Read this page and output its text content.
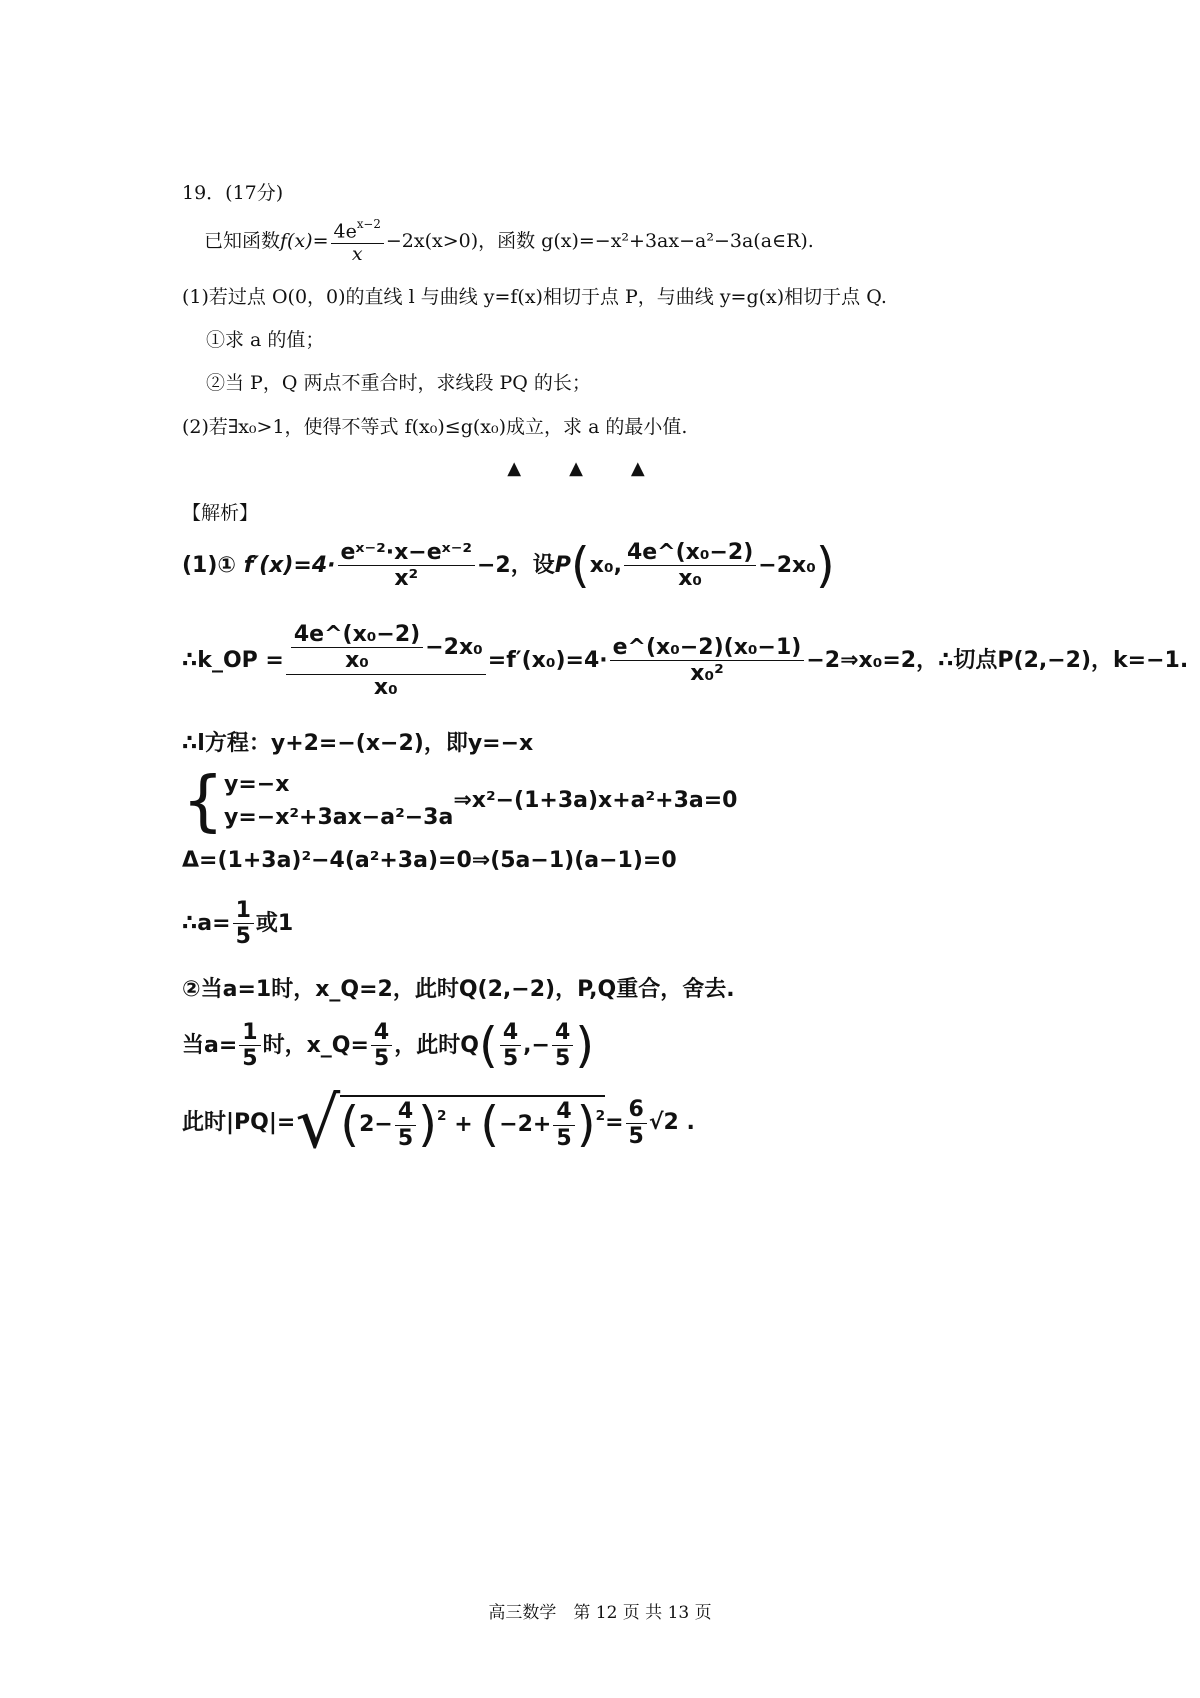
19．(17分)
已知函数$f(x)= \frac{4e^{x-2}}{x} -2x(x>0)$，函数 g(x)=−x²+3ax−a²−3a(a∈R).
(1)若过点 O(0，0)的直线 l 与曲线 y=f(x)相切于点 P，与曲线 y=g(x)相切于点 Q.
①求 a 的值；
②当 P，Q 两点不重合时，求线段 PQ 的长；
(2)若∃x₀>1，使得不等式 f(x₀)≤g(x₀)成立，求 a 的最小值.
▲▲▲
【解析】
(1)① $f'(x)=4\cdot \frac{\text{eˣ⁻²·x−eˣ⁻²}}{\text{x²}} -2$，设P(x₀, $\frac{\text{4e\textasciicircum{}(x₀−2)}}{\text{x₀}} -2x_0$)
∴k_OP = $\frac{\frac{\text{4e\textasciicircum{}(x₀−2)}}{\text{x₀}} -2x_0}{\text{x₀}} =f'(x_0)=4\cdot \frac{\text{e\textasciicircum{}(x₀−2)(x₀−1)}}{\text{x₀²}}$ −2⇒x₀=2，∴切点P(2,−2)，k=−1.
∴l方程：y+2=−(x−2)，即y=−x
{ y=−x
y=−x²+3ax−a²−3a
⇒x²−(1+3a)x+a²+3a=0
Δ=(1+3a)²−4(a²+3a)=0⇒(5a−1)(a−1)=0
∴a= $\frac{1}{5}$ 或1
②当a=1时，x_Q=2，此时Q(2,−2)，P,Q重合，舍去.
当$a= \frac{1}{5}$ 时，x_Q= $\frac{4}{5}$ ，此时$Q( \frac{4}{5}$ ,− $\frac{4}{5}$ )
此时$|PQ|=√(2- \frac{4}{5} )^2 + (-2+ \frac{4}{5} )^2= \frac{6}{5} √2$ .
高三数学　第 12 页 共 13 页
